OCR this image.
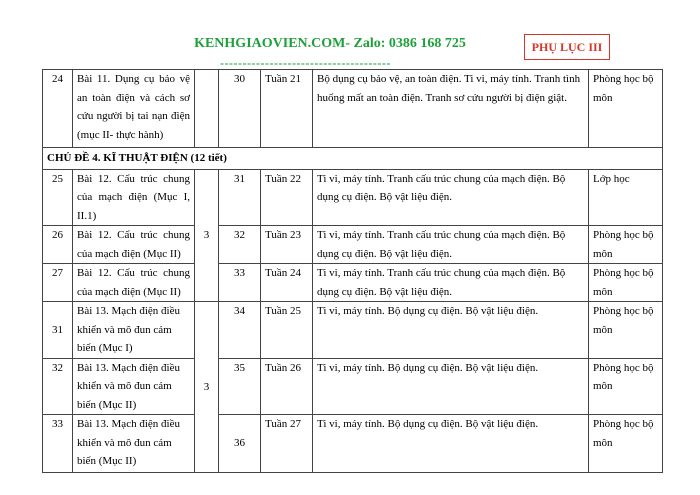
KENHGIAOVIEN.COM- Zalo: 0386 168 725
--------------------------------------
PHỤ LỤC III
24	Bài 11. Dụng cụ bảo vệ an toàn điện và cách sơ cứu người bị tai nạn điện (mục II- thực hành)		30	Tuần 21	Bộ dụng cụ bảo vệ, an toàn điện. Ti vi, máy tính. Tranh tình huống mất an toàn điện. Tranh sơ cứu người bị điện giật.	Phòng học bộ môn
CHỦ ĐỀ 4. KĨ THUẬT ĐIỆN (12 tiết)						
25	Bài 12. Cấu trúc chung của mạch điện (Mục I, II.1)	3	31	Tuần 22	Ti vi, máy tính. Tranh cấu trúc chung của mạch điện. Bộ dụng cụ điện. Bộ vật liệu điện.	Lớp học
26	Bài 12. Cấu trúc chung của mạch điện (Mục II)		32	Tuần 23	Ti vi, máy tính. Tranh cấu trúc chung của mạch điện. Bộ dụng cụ điện. Bộ vật liệu điện.	Phòng học bộ môn
27	Bài 12. Cấu trúc chung của mạch điện (Mục II)		33	Tuần 24	Ti vi, máy tính. Tranh cấu trúc chung của mạch điện. Bộ dụng cụ điện. Bộ vật liệu điện.	Phòng học bộ môn
31	Bài 13. Mạch điện điều khiển và mô đun cảm biến (Mục I)	3	34	Tuần 25	Ti vi, máy tính. Bộ dụng cụ điện. Bộ vật liệu điện.	Phòng học bộ môn
32	Bài 13. Mạch điện điều khiển và mô đun cảm biến (Mục II)		35	Tuần 26	Ti vi, máy tính. Bộ dụng cụ điện. Bộ vật liệu điện.	Phòng học bộ môn
33	Bài 13. Mạch điện điều khiển và mô đun cảm biến (Mục II)		36	Tuần 27	Ti vi, máy tính. Bộ dụng cụ điện. Bộ vật liệu điện.	Phòng học bộ môn
